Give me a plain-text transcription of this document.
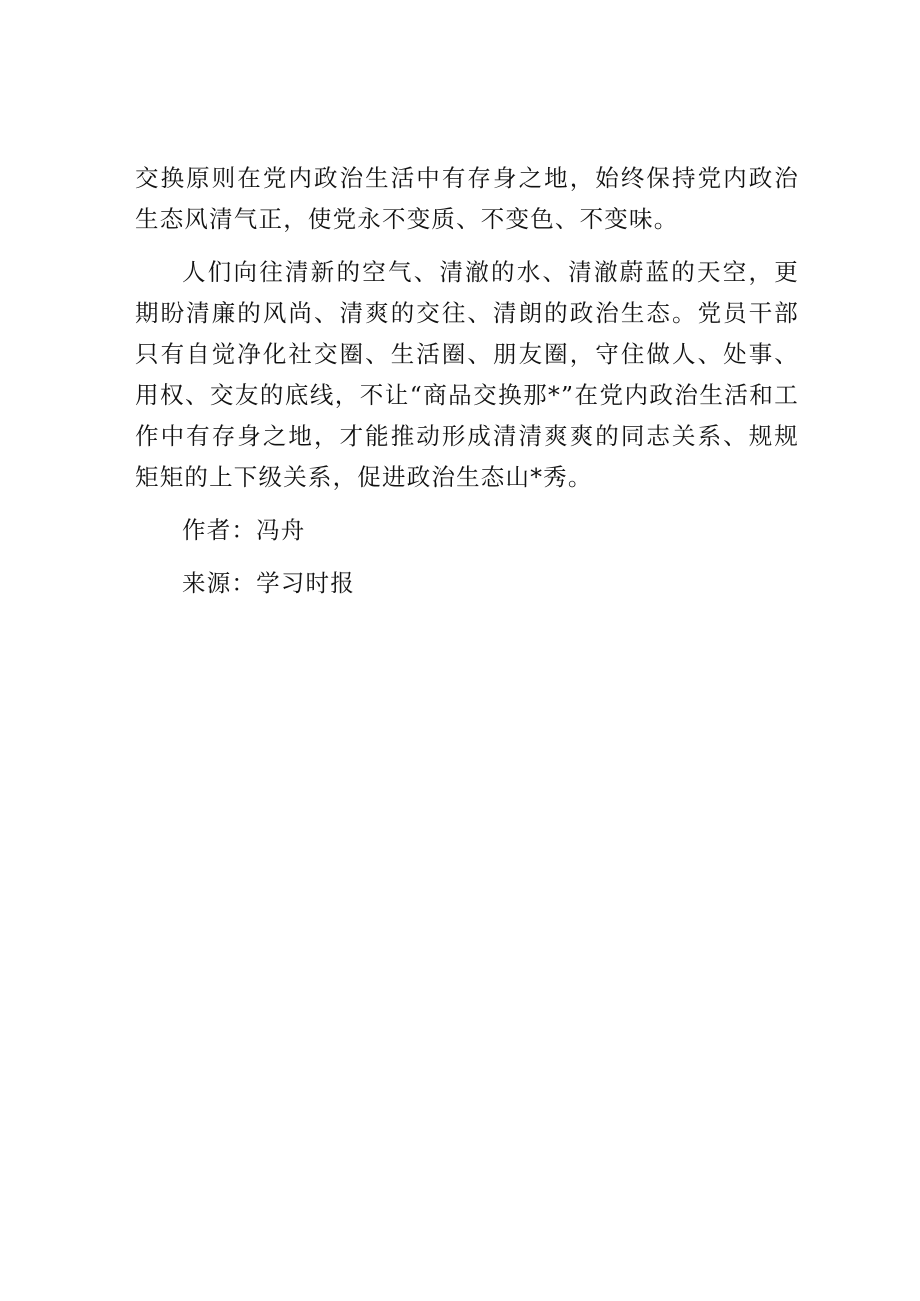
交换原则在党内政治生活中有存身之地，始终保持党内政治生态风清气正，使党永不变质、不变色、不变味。

人们向往清新的空气、清澈的水、清澈蔚蓝的天空，更期盼清廉的风尚、清爽的交往、清朗的政治生态。党员干部只有自觉净化社交圈、生活圈、朋友圈，守住做人、处事、用权、交友的底线，不让“商品交换那*”在党内政治生活和工作中有存身之地，才能推动形成清清爽爽的同志关系、规规矩矩的上下级关系，促进政治生态山*秀。

作者：冯舟

来源：学习时报
